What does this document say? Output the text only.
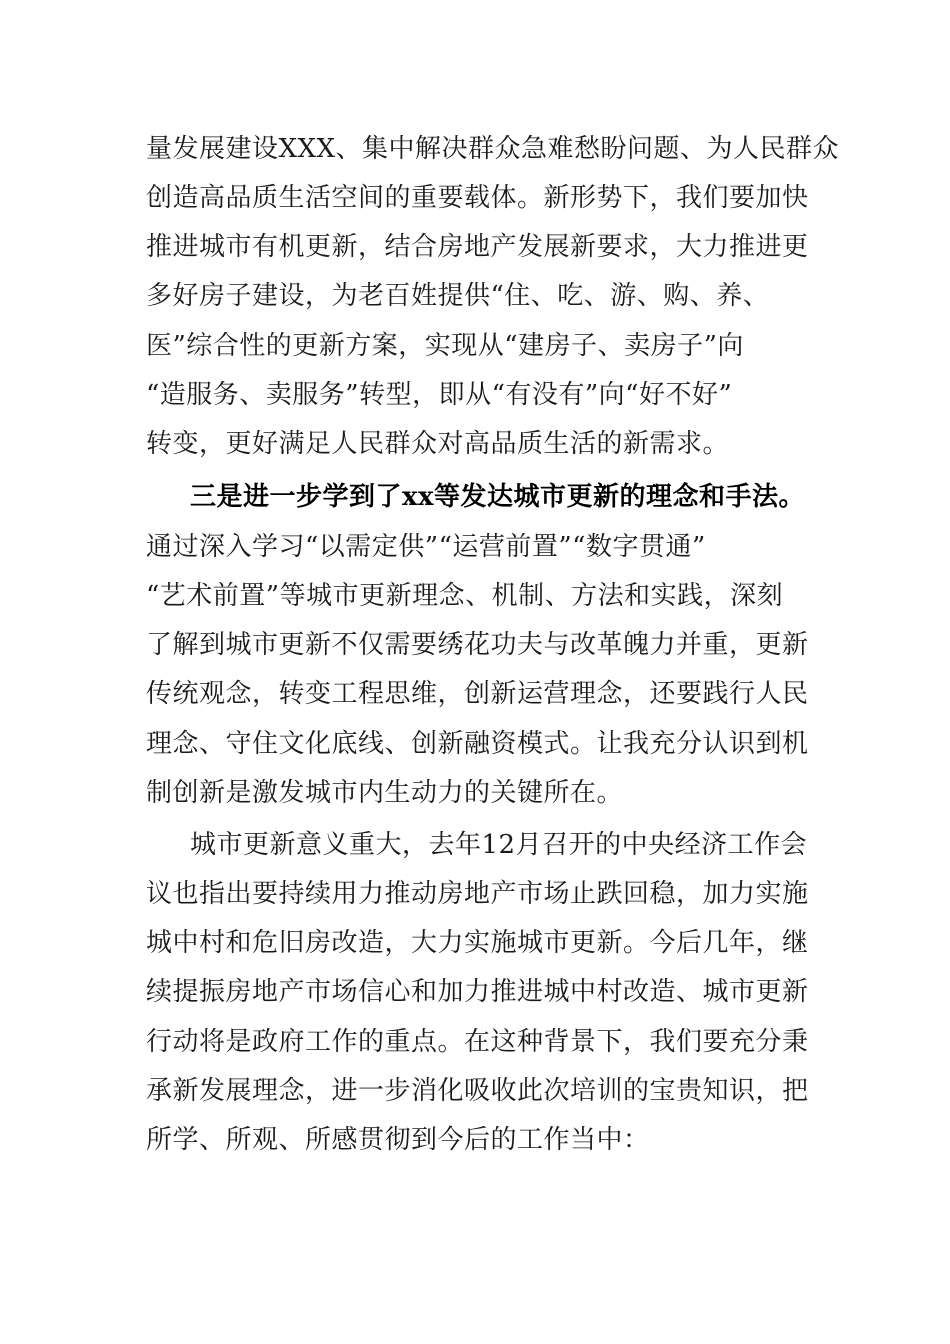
量发展建设XXX、集中解决群众急难愁盼问题、为人民群众
创造高品质生活空间的重要载体。新形势下，我们要加快
推进城市有机更新，结合房地产发展新要求，大力推进更
多好房子建设，为老百姓提供“住、吃、游、购、养、
医”综合性的更新方案，实现从“建房子、卖房子”向
“造服务、卖服务”转型，即从“有没有”向“好不好”
转变，更好满足人民群众对高品质生活的新需求。
三是进一步学到了xx等发达城市更新的理念和手法。
通过深入学习“以需定供”“运营前置”“数字贯通”
“艺术前置”等城市更新理念、机制、方法和实践，深刻
了解到城市更新不仅需要绣花功夫与改革魄力并重，更新
传统观念，转变工程思维，创新运营理念，还要践行人民
理念、守住文化底线、创新融资模式。让我充分认识到机
制创新是激发城市内生动力的关键所在。
城市更新意义重大，去年12月召开的中央经济工作会
议也指出要持续用力推动房地产市场止跌回稳，加力实施
城中村和危旧房改造，大力实施城市更新。今后几年，继
续提振房地产市场信心和加力推进城中村改造、城市更新
行动将是政府工作的重点。在这种背景下，我们要充分秉
承新发展理念，进一步消化吸收此次培训的宝贵知识，把
所学、所观、所感贯彻到今后的工作当中：
